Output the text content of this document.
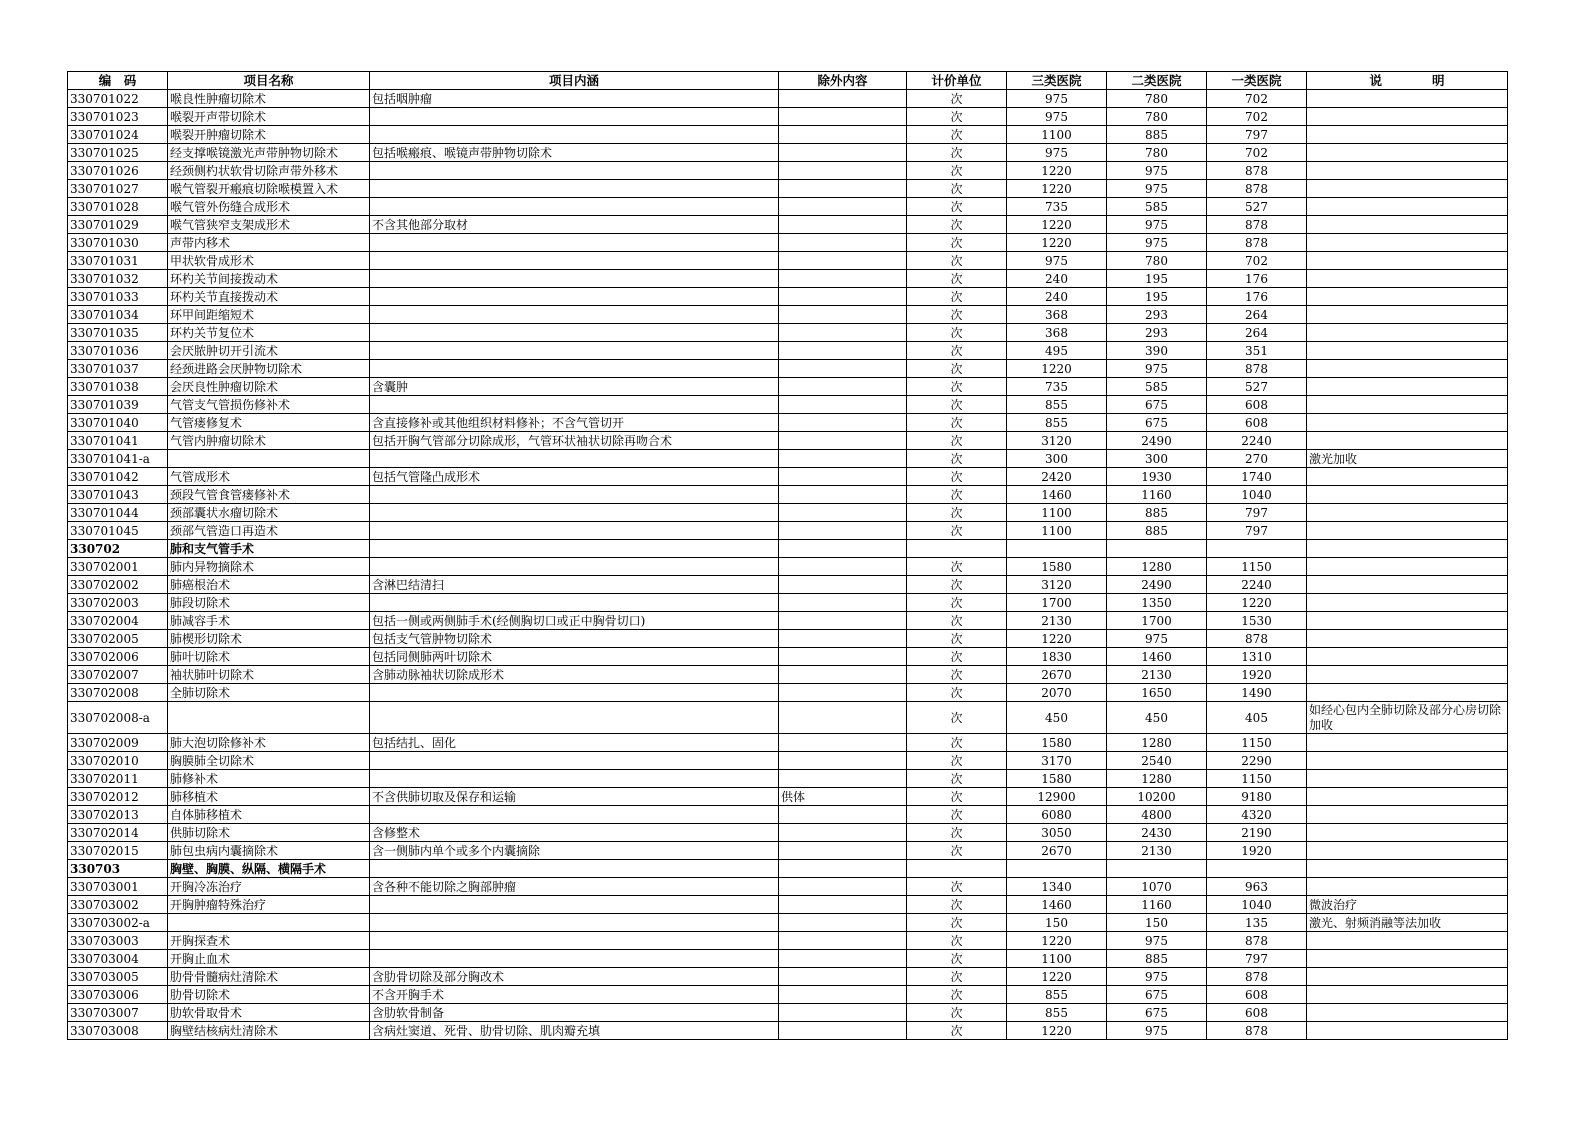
编　码	项目名称	项目内涵	除外内容	计价单位	三类医院	二类医院	一类医院	说　　　　明
330701022	喉良性肿瘤切除术	包括咽肿瘤		次	975	780	702	
330701023	喉裂开声带切除术			次	975	780	702	
330701024	喉裂开肿瘤切除术			次	1100	885	797	
330701025	经支撑喉镜激光声带肿物切除术	包括喉瘢痕、喉镜声带肿物切除术		次	975	780	702	
330701026	经颈侧杓状软骨切除声带外移术			次	1220	975	878	
330701027	喉气管裂开瘢痕切除喉模置入术			次	1220	975	878	
330701028	喉气管外伤缝合成形术			次	735	585	527	
330701029	喉气管狭窄支架成形术	不含其他部分取材		次	1220	975	878	
330701030	声带内移术			次	1220	975	878	
330701031	甲状软骨成形术			次	975	780	702	
330701032	环杓关节间接拨动术			次	240	195	176	
330701033	环杓关节直接拨动术			次	240	195	176	
330701034	环甲间距缩短术			次	368	293	264	
330701035	环杓关节复位术			次	368	293	264	
330701036	会厌脓肿切开引流术			次	495	390	351	
330701037	经颈进路会厌肿物切除术			次	1220	975	878	
330701038	会厌良性肿瘤切除术	含囊肿		次	735	585	527	
330701039	气管支气管损伤修补术			次	855	675	608	
330701040	气管瘘修复术	含直接修补或其他组织材料修补；不含气管切开		次	855	675	608	
330701041	气管内肿瘤切除术	包括开胸气管部分切除成形，气管环状袖状切除再吻合术		次	3120	2490	2240	
330701041-a				次	300	300	270	激光加收
330701042	气管成形术	包括气管隆凸成形术		次	2420	1930	1740	
330701043	颈段气管食管瘘修补术			次	1460	1160	1040	
330701044	颈部囊状水瘤切除术			次	1100	885	797	
330701045	颈部气管造口再造术			次	1100	885	797	
330702	肺和支气管手术							
330702001	肺内异物摘除术			次	1580	1280	1150	
330702002	肺癌根治术	含淋巴结清扫		次	3120	2490	2240	
330702003	肺段切除术			次	1700	1350	1220	
330702004	肺减容手术	包括一侧或两侧肺手术(经侧胸切口或正中胸骨切口)		次	2130	1700	1530	
330702005	肺楔形切除术	包括支气管肿物切除术		次	1220	975	878	
330702006	肺叶切除术	包括同侧肺两叶切除术		次	1830	1460	1310	
330702007	袖状肺叶切除术	含肺动脉袖状切除成形术		次	2670	2130	1920	
330702008	全肺切除术			次	2070	1650	1490	
330702008-a				次	450	450	405	如经心包内全肺切除及部分心房切除加收
330702009	肺大泡切除修补术	包括结扎、固化		次	1580	1280	1150	
330702010	胸膜肺全切除术			次	3170	2540	2290	
330702011	肺修补术			次	1580	1280	1150	
330702012	肺移植术	不含供肺切取及保存和运输	供体	次	12900	10200	9180	
330702013	自体肺移植术			次	6080	4800	4320	
330702014	供肺切除术	含修整术		次	3050	2430	2190	
330702015	肺包虫病内囊摘除术	含一侧肺内单个或多个内囊摘除		次	2670	2130	1920	
330703	胸壁、胸膜、纵隔、横隔手术							
330703001	开胸冷冻治疗	含各种不能切除之胸部肿瘤		次	1340	1070	963	
330703002	开胸肿瘤特殊治疗			次	1460	1160	1040	微波治疗
330703002-a				次	150	150	135	激光、射频消融等法加收
330703003	开胸探查术			次	1220	975	878	
330703004	开胸止血术			次	1100	885	797	
330703005	肋骨骨髓病灶清除术	含肋骨切除及部分胸改术		次	1220	975	878	
330703006	肋骨切除术	不含开胸手术		次	855	675	608	
330703007	肋软骨取骨术	含肋软骨制备		次	855	675	608	
330703008	胸壁结核病灶清除术	含病灶窦道、死骨、肋骨切除、肌肉瓣充填		次	1220	975	878	
